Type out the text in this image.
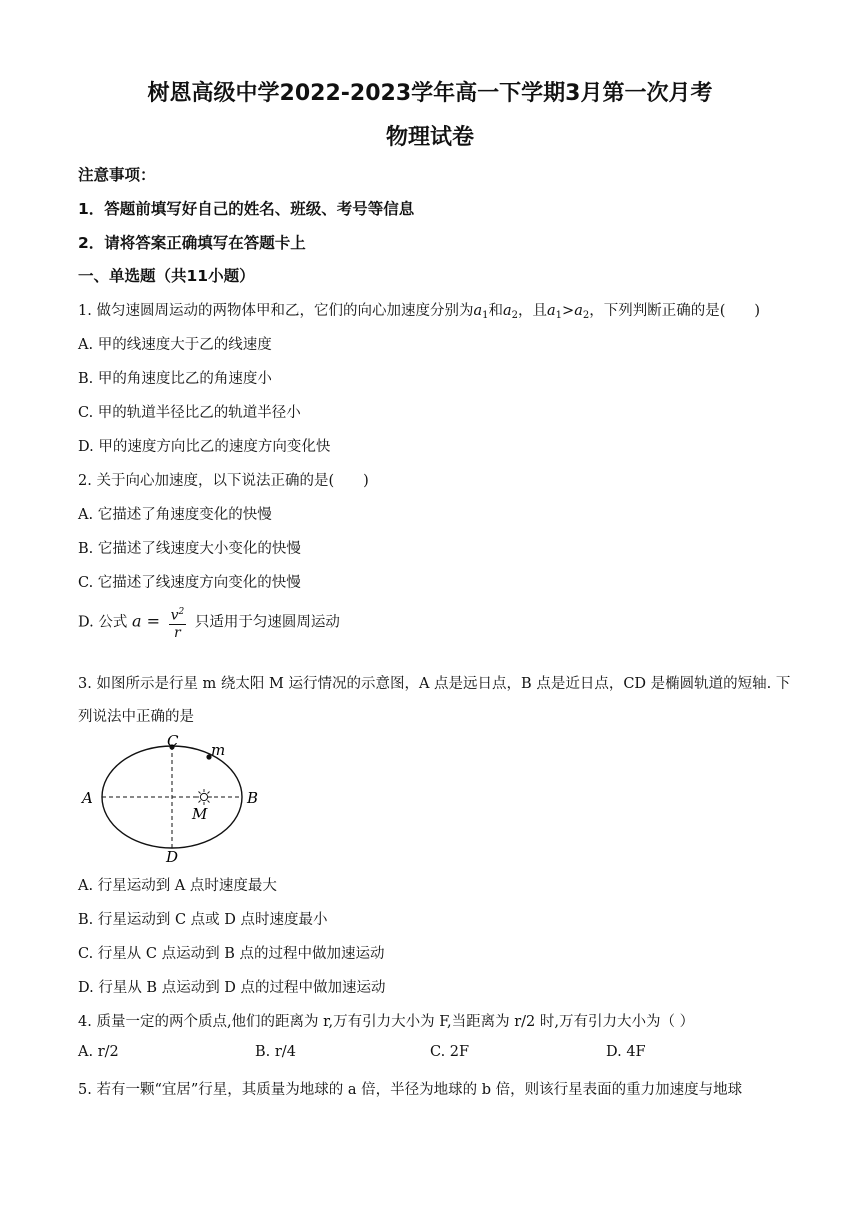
树恩高级中学2022-2023学年高一下学期3月第一次月考
物理试卷
注意事项：
1．答题前填写好自己的姓名、班级、考号等信息
2．请将答案正确填写在答题卡上
一、单选题（共11小题）
1. 做匀速圆周运动的两物体甲和乙，它们的向心加速度分别为$a_1$和$a_2$，且$a_1>a_2$，下列判断正确的是(　　)
A. 甲的线速度大于乙的线速度
B. 甲的角速度比乙的角速度小
C. 甲的轨道半径比乙的轨道半径小
D. 甲的速度方向比乙的速度方向变化快
2. 关于向心加速度，以下说法正确的是(　　)
A. 它描述了角速度变化的快慢
B. 它描述了线速度大小变化的快慢
C. 它描述了线速度方向变化的快慢
D. 公式 $a = \frac{v^2}{r}$ 只适用于匀速圆周运动
3. 如图所示是行星 m 绕太阳 M 运行情况的示意图，A 点是远日点，B 点是近日点，CD 是椭圆轨道的短轴. 下
列说法中正确的是
C m
A	B
M
D
A. 行星运动到 A 点时速度最大
B. 行星运动到 C 点或 D 点时速度最小
C. 行星从 C 点运动到 B 点的过程中做加速运动
D. 行星从 B 点运动到 D 点的过程中做加速运动
4. 质量一定的两个质点,他们的距离为 r,万有引力大小为 F,当距离为 r/2 时,万有引力大小为（ ）
A. r/2	B. r/4	C. 2F	D. 4F
5. 若有一颗“宜居”行星，其质量为地球的 a 倍，半径为地球的 b 倍，则该行星表面的重力加速度与地球
